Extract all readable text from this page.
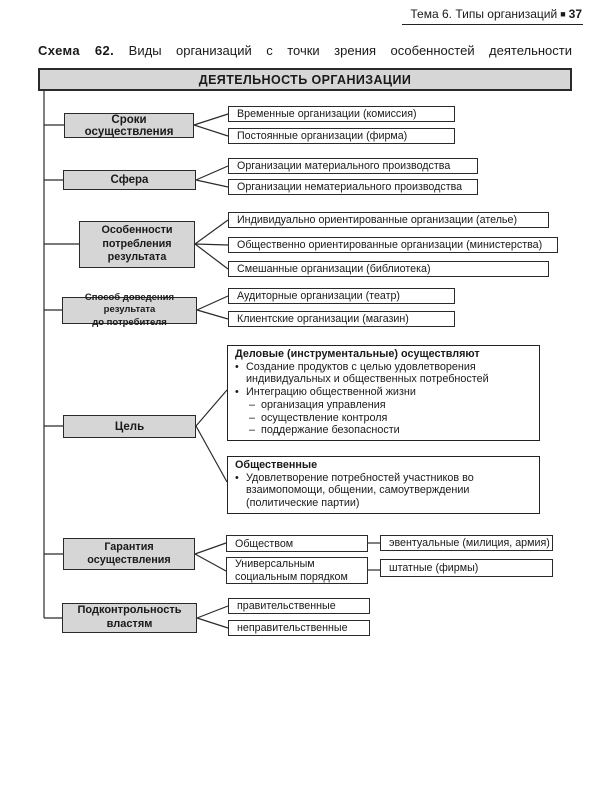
Тема 6. Типы организаций ■ 37
Схема 62. Виды организаций с точки зрения особенностей деятельности
ДЕЯТЕЛЬНОСТЬ ОРГАНИЗАЦИИ
Сроки осуществления
Временные организации (комиссия)
Постоянные организации (фирма)
Сфера
Организации материального производства
Организации нематериального производства
Особенности потребления результата
Индивидуально ориентированные организации (ателье)
Общественно ориентированные организации (министерства)
Смешанные организации (библиотека)
Способ доведения результата
до потребителя
Аудиторные организации (театр)
Клиентские организации (магазин)
Цель
Деловые (инструментальные) осуществляют
• Создание продуктов с целью удовлетворения индивидуальных и общественных потребностей
• Интеграцию общественной жизни
– организация управления
– осуществление контроля
– поддержание безопасности
Общественные
• Удовлетворение потребностей участников во взаимопомощи, общении, самоутверждении (политические партии)
Гарантия осуществления
Обществом
Универсальным социальным порядком
эвентуальные (милиция, армия)
штатные (фирмы)
Подконтрольность властям
правительственные
неправительственные
